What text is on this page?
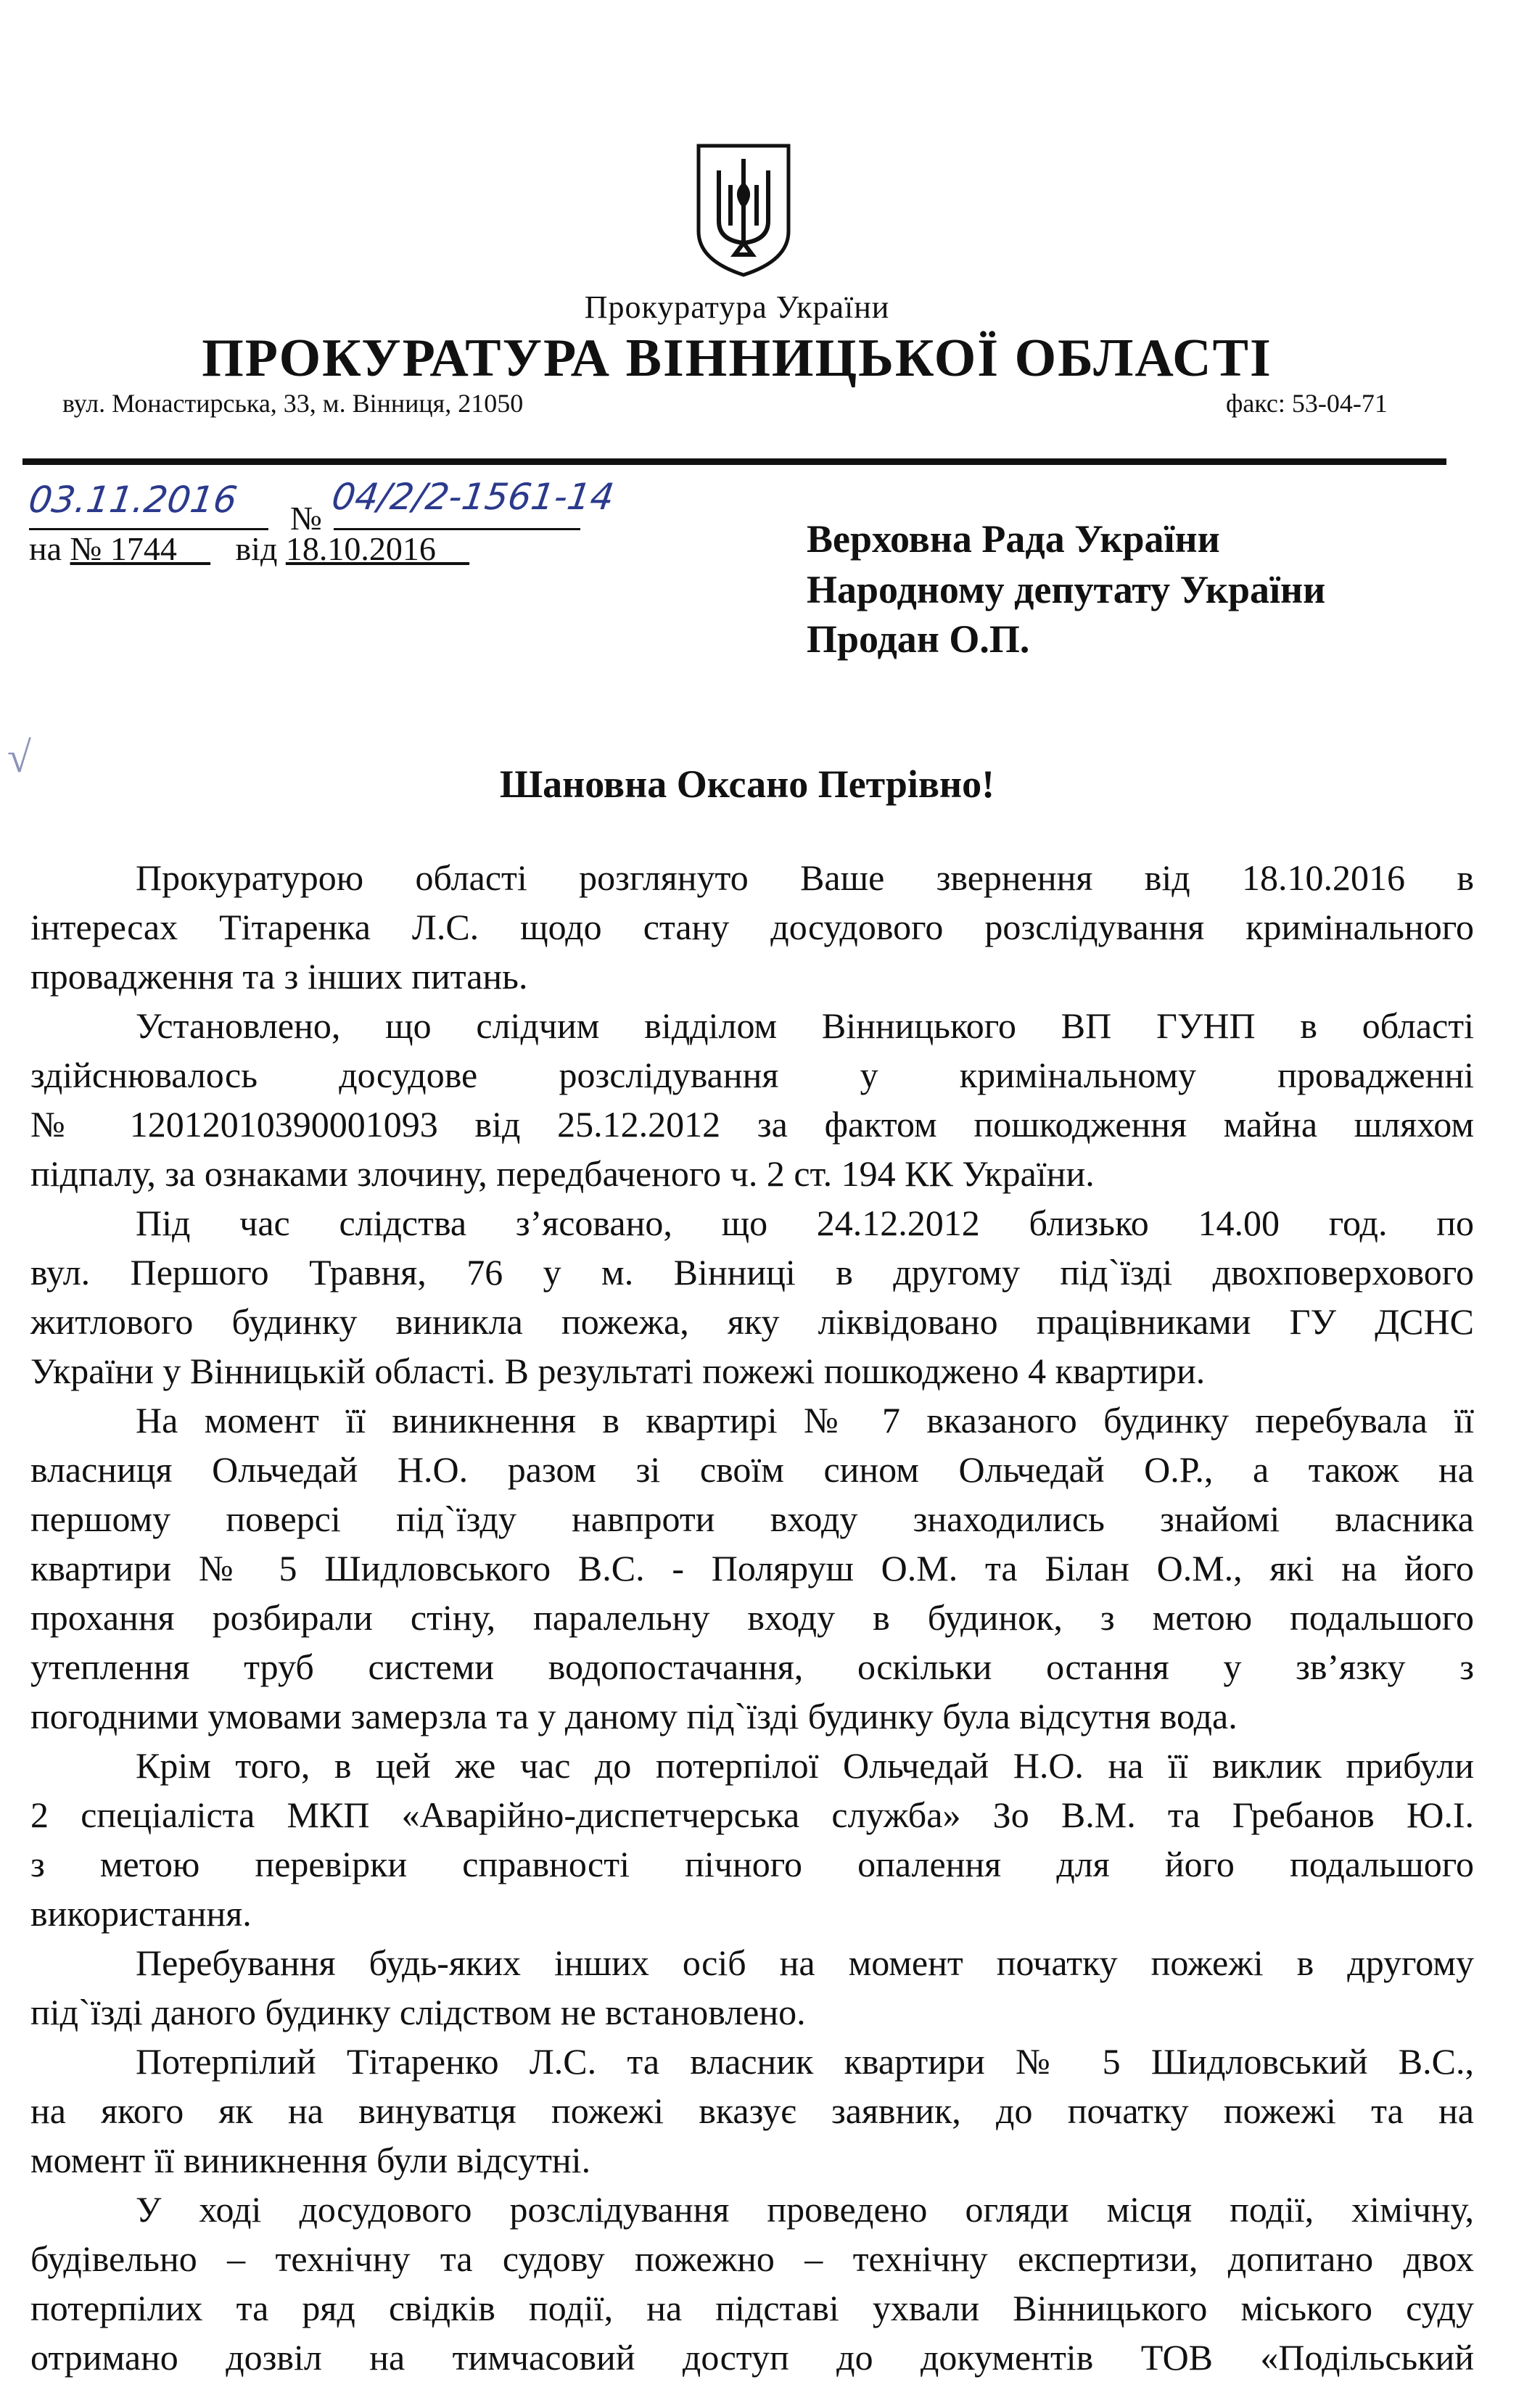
Прокуратура України
ПРОКУРАТУРА ВІННИЦЬКОЇ ОБЛАСТІ
вул. Монастирська, 33, м. Вінниця, 21050	факс: 53-04-71
03.11.2016 №
04/2/2-1561-14
на № 1744__   від 18.10.2016__	Верховна Рада України
Народному депутату України
Продан О.П.
√
Шановна Оксано Петрівно!
Прокуратурою області розглянуто Ваше звернення від 18.10.2016 в
інтересах Тітаренка Л.С. щодо стану досудового розслідування кримінального
провадження та з інших питань.
Установлено, що слідчим відділом Вінницького ВП ГУНП в області
здійснювалось досудове розслідування у кримінальному провадженні
№ 12012010390001093 від 25.12.2012 за фактом пошкодження майна шляхом
підпалу, за ознаками злочину, передбаченого ч. 2 ст. 194 КК України.
Під час слідства з’ясовано, що 24.12.2012 близько 14.00 год. по
вул. Першого Травня, 76 у м. Вінниці в другому під`їзді двохповерхового
житлового будинку виникла пожежа, яку ліквідовано працівниками ГУ ДСНС
України у Вінницькій області. В результаті пожежі пошкоджено 4 квартири.
На момент її виникнення в квартирі № 7 вказаного будинку перебувала її
власниця Ольчедай Н.О. разом зі своїм сином Ольчедай О.Р., а також на
першому поверсі під`їзду навпроти входу знаходились знайомі власника
квартири № 5 Шидловського В.С. - Поляруш О.М. та Білан О.М., які на його
прохання розбирали стіну, паралельну входу в будинок, з метою подальшого
утеплення труб системи водопостачання, оскільки остання у зв’язку з
погодними умовами замерзла та у даному під`їзді будинку була відсутня вода.
Крім того, в цей же час до потерпілої Ольчедай Н.О. на її виклик прибули
2 спеціаліста МКП «Аварійно-диспетчерська служба» Зо В.М. та Гребанов Ю.І.
з метою перевірки справності пічного опалення для його подальшого
використання.
Перебування будь-яких інших осіб на момент початку пожежі в другому
під`їзді даного будинку слідством не встановлено.
Потерпілий Тітаренко Л.С. та власник квартири № 5 Шидловський В.С.,
на якого як на винуватця пожежі вказує заявник, до початку пожежі та на
момент її виникнення були відсутні.
У ході досудового розслідування проведено огляди місця події, хімічну,
будівельно – технічну та судову пожежно – технічну експертизи, допитано двох
потерпілих та ряд свідків події, на підставі ухвали Вінницького міського суду
отримано дозвіл на тимчасовий доступ до документів ТОВ «Подільський
